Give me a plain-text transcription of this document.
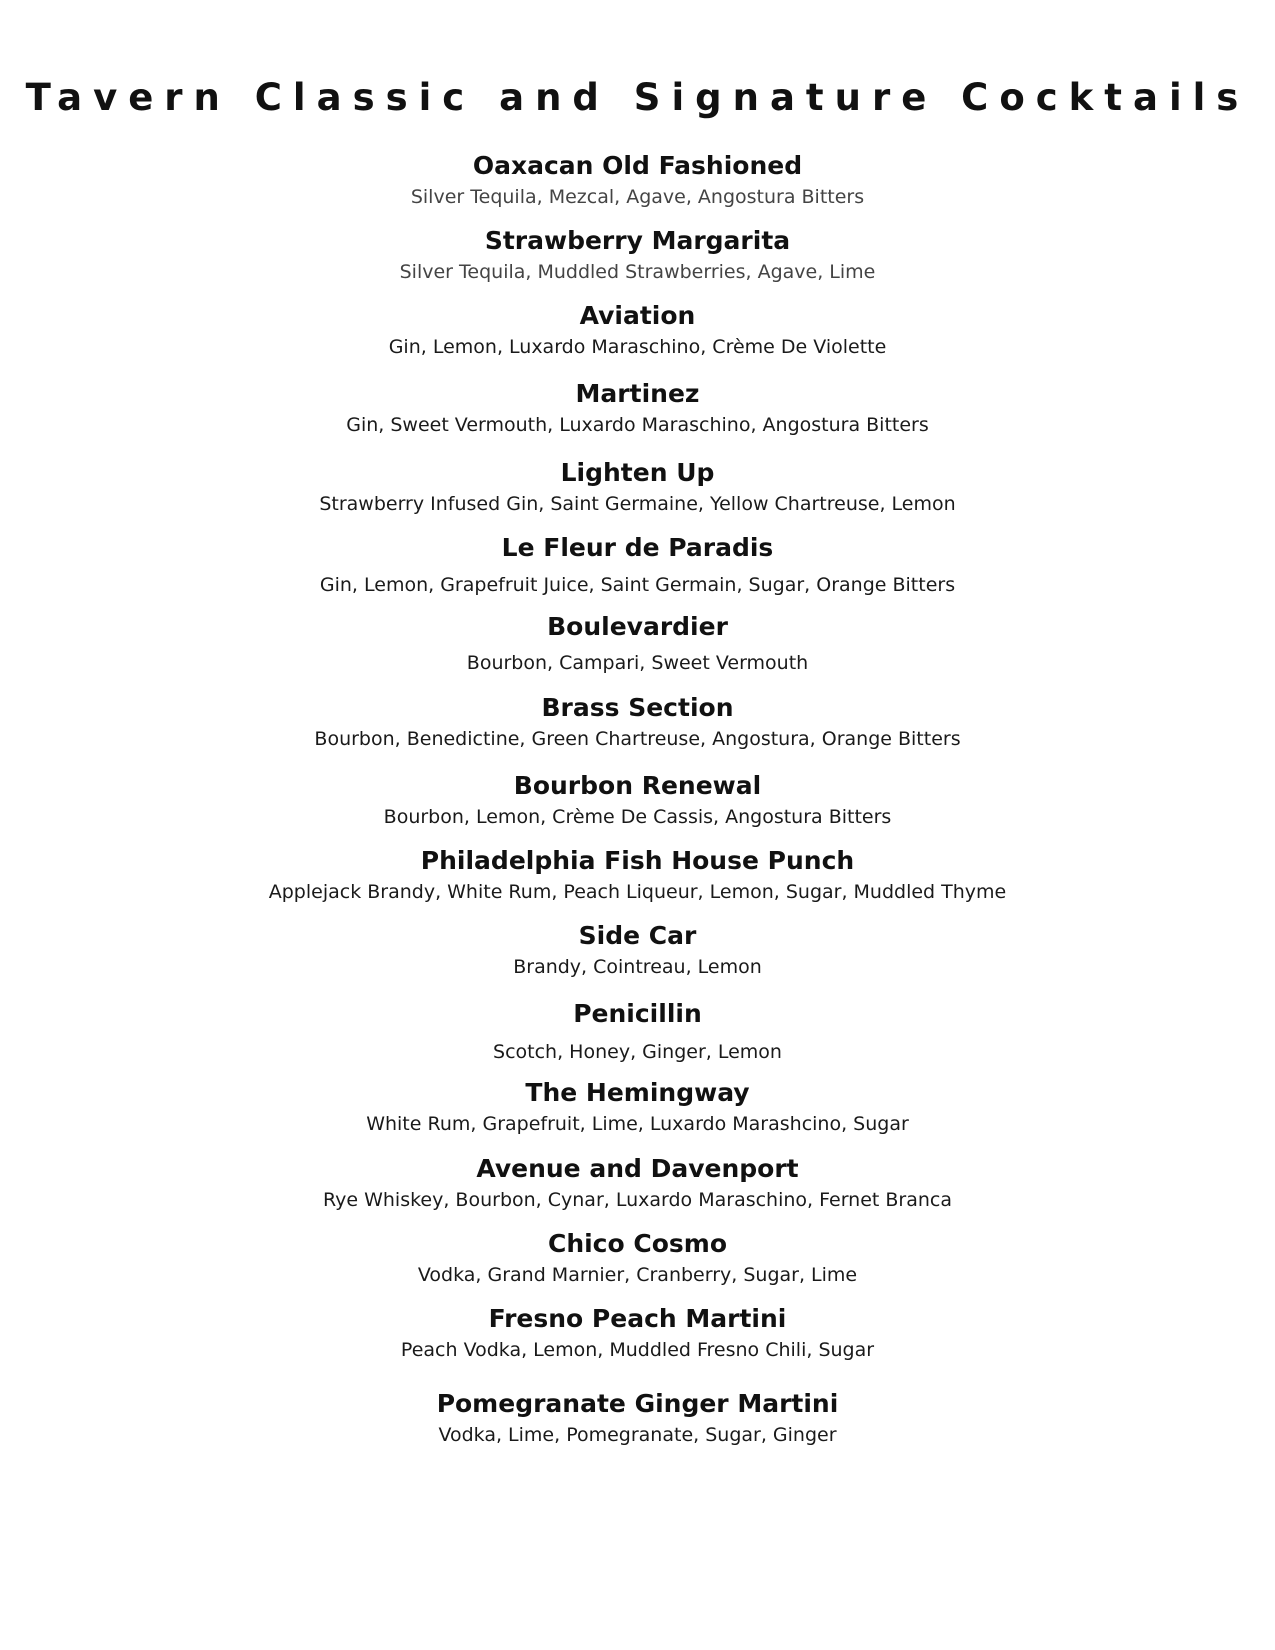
Tavern Classic and Signature Cocktails
Oaxacan Old Fashioned
Silver Tequila, Mezcal, Agave, Angostura Bitters
Strawberry Margarita
Silver Tequila, Muddled Strawberries, Agave, Lime
Aviation
Gin, Lemon, Luxardo Maraschino, Crème De Violette
Martinez
Gin, Sweet Vermouth, Luxardo Maraschino, Angostura Bitters
Lighten Up
Strawberry Infused Gin, Saint Germaine, Yellow Chartreuse, Lemon
Le Fleur de Paradis
Gin, Lemon, Grapefruit Juice, Saint Germain, Sugar, Orange Bitters
Boulevardier
Bourbon, Campari, Sweet Vermouth
Brass Section
Bourbon, Benedictine, Green Chartreuse, Angostura, Orange Bitters
Bourbon Renewal
Bourbon, Lemon, Crème De Cassis, Angostura Bitters
Philadelphia Fish House Punch
Applejack Brandy, White Rum, Peach Liqueur, Lemon, Sugar, Muddled Thyme
Side Car
Brandy, Cointreau, Lemon
Penicillin
Scotch, Honey, Ginger, Lemon
The Hemingway
White Rum, Grapefruit, Lime, Luxardo Marashcino, Sugar
Avenue and Davenport
Rye Whiskey, Bourbon, Cynar, Luxardo Maraschino, Fernet Branca
Chico Cosmo
Vodka, Grand Marnier, Cranberry, Sugar, Lime
Fresno Peach Martini
Peach Vodka, Lemon, Muddled Fresno Chili, Sugar
Pomegranate Ginger Martini
Vodka, Lime, Pomegranate, Sugar, Ginger
